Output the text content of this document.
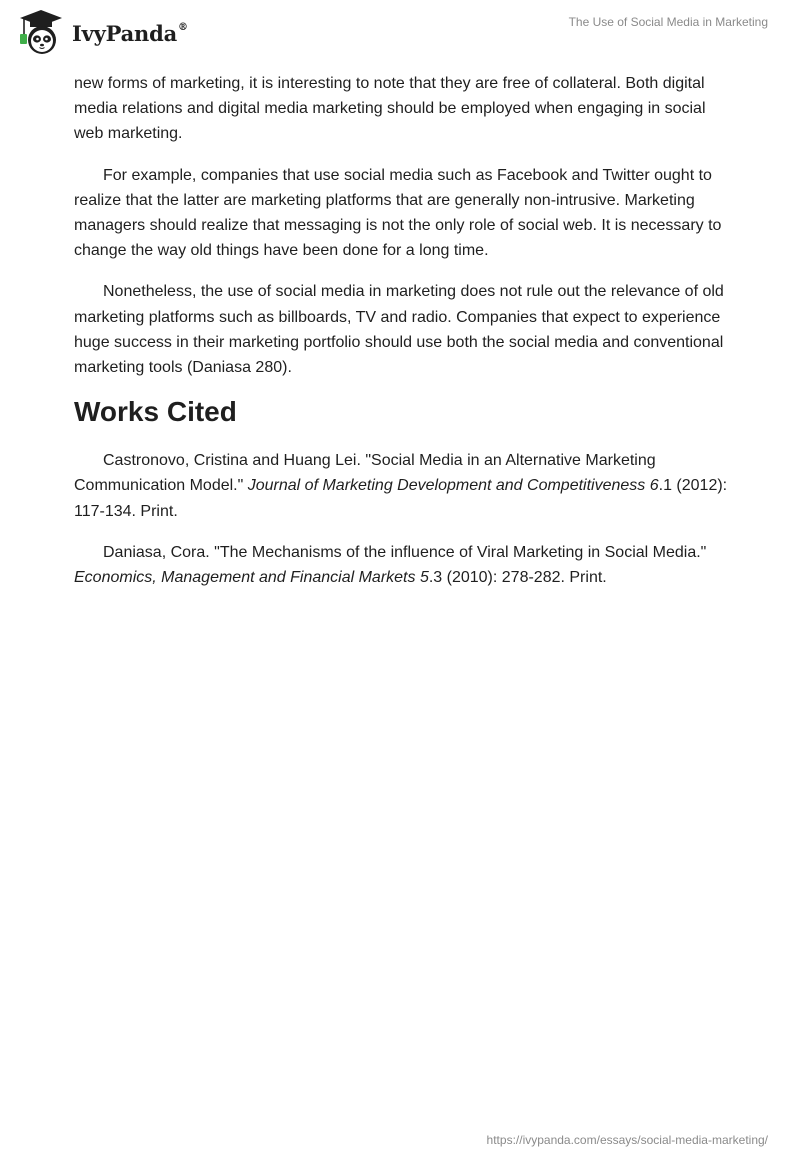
IvyPanda®	The Use of Social Media in Marketing

new forms of marketing, it is interesting to note that they are free of collateral. Both digital media relations and digital media marketing should be employed when engaging in social web marketing.

For example, companies that use social media such as Facebook and Twitter ought to realize that the latter are marketing platforms that are generally non-intrusive. Marketing managers should realize that messaging is not the only role of social web. It is necessary to change the way old things have been done for a long time.

Nonetheless, the use of social media in marketing does not rule out the relevance of old marketing platforms such as billboards, TV and radio. Companies that expect to experience huge success in their marketing portfolio should use both the social media and conventional marketing tools (Daniasa 280).

Works Cited

Castronovo, Cristina and Huang Lei. "Social Media in an Alternative Marketing Communication Model." Journal of Marketing Development and Competitiveness 6.1 (2012): 117-134. Print.

Daniasa, Cora. "The Mechanisms of the influence of Viral Marketing in Social Media." Economics, Management and Financial Markets 5.3 (2010): 278-282. Print.

https://ivypanda.com/essays/social-media-marketing/
